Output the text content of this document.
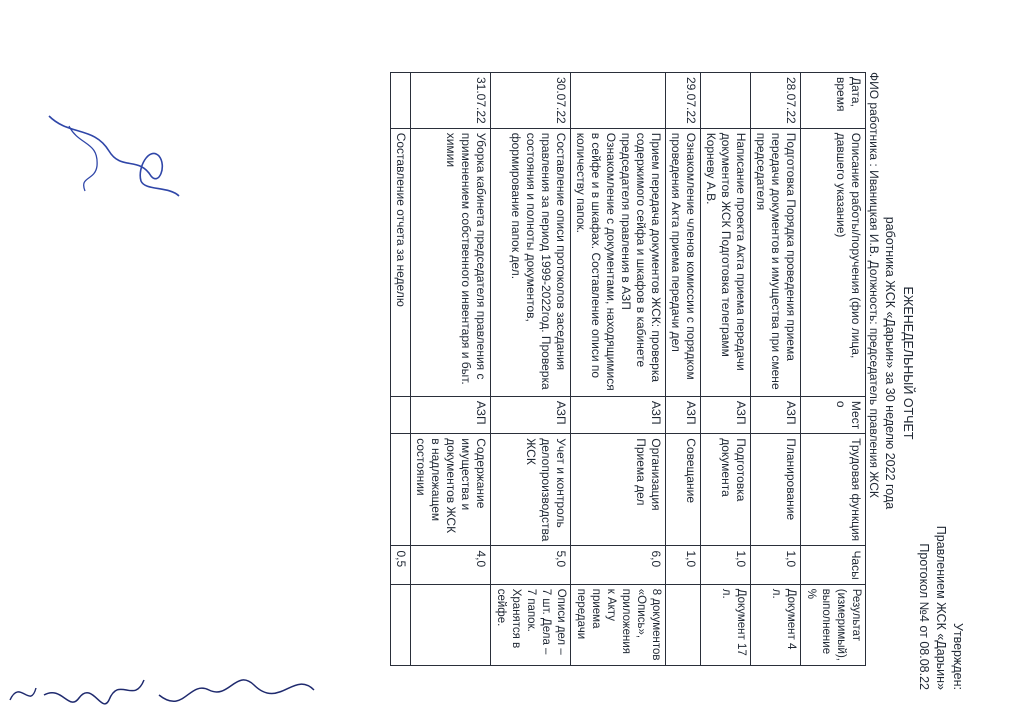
Утвержден:
Правлением ЖСК «Дарьин»
Протокол №4 от 08.08.22
ЕЖЕНЕДЕЛЬНЫЙ ОТЧЕТ
работника ЖСК «Дарьин» за 30 неделю 2022 года
ФИО работника : Иваницкая И.В. Должность: председатель правления ЖСК
Дата, время	Описание работы/поручения (фио лица, давшего указание)	Мест о	Трудовая функция	Часы	Результат (измеримый), выполнение %
28.07.22	Подготовка Порядка проведения приема передачи документов и имущества при смене председателя	АЗП	Планирование	1,0	Документ 4 л.
	Написание проекта Акта приема передачи документов ЖСК Подготовка телеграмм Корневу А.В.	АЗП	Подготовка документа	1,0	Документ 17 л.
29.07.22	Ознакомление членов комиссии с порядком проведения Акта приема передачи дел	АЗП	Совещание	1,0	
	Прием передача документов ЖСК: проверка содержимого сейфа и шкафов в кабинете председателя правления в АЗП Ознакомление с документами, находящимися в сейфе и в шкафах. Составление описи по количеству папок.	АЗП	Организация Приема дел	6,0	8 документов «Опись», приложения к Акту приема передачи
30.07.22	Составление описи протоколов заседания правления за период 1999-2022год. Проверка состояния и полноты документов, формирование папок дел.	АЗП	Учет и контроль делопроизводства ЖСК	5,0	Описи дел – 7 шт. Дела – 7 папок. Хранятся в сейфе.
31.07.22	Уборка кабинета председателя правления с применением собственного инвентаря и быт. химии	АЗП	Содержание имущества и документов ЖСК в надлежащем состоянии	4,0	
	Составление отчета за неделю			0,5	
